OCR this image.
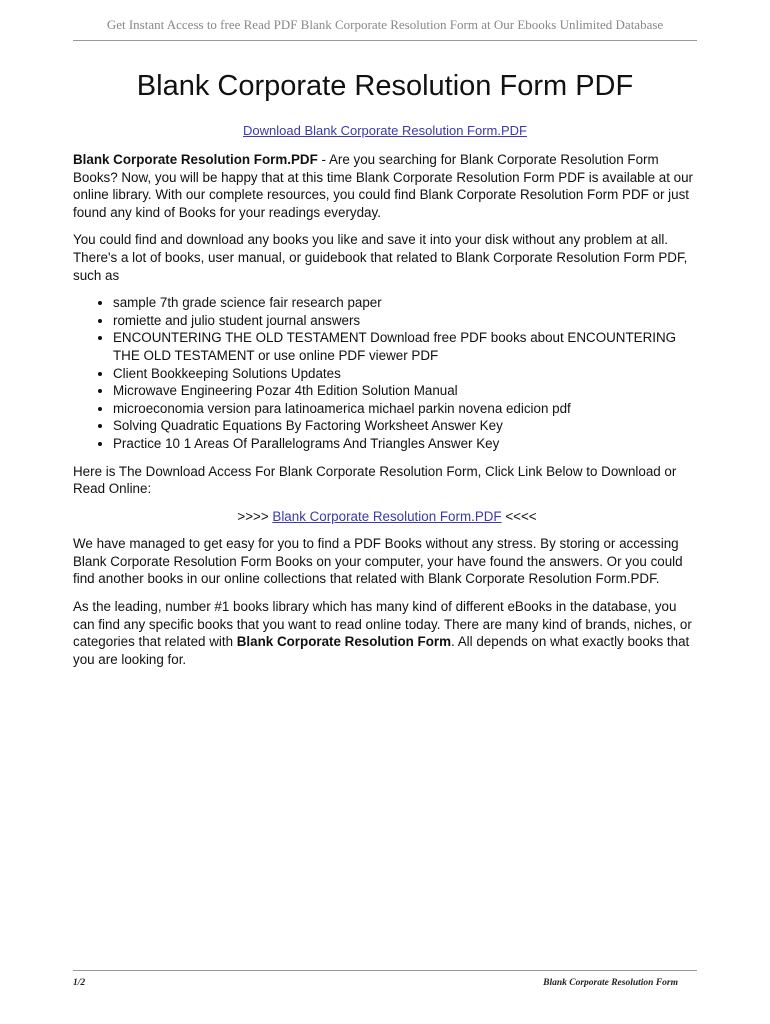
Get Instant Access to free Read PDF Blank Corporate Resolution Form at Our Ebooks Unlimited Database
Blank Corporate Resolution Form PDF
Download Blank Corporate Resolution Form.PDF

Blank Corporate Resolution Form.PDF - Are you searching for Blank Corporate Resolution Form Books? Now, you will be happy that at this time Blank Corporate Resolution Form PDF is available at our online library. With our complete resources, you could find Blank Corporate Resolution Form PDF or just found any kind of Books for your readings everyday.

You could find and download any books you like and save it into your disk without any problem at all. There's a lot of books, user manual, or guidebook that related to Blank Corporate Resolution Form PDF, such as

• sample 7th grade science fair research paper
• romiette and julio student journal answers
• ENCOUNTERING THE OLD TESTAMENT Download free PDF books about ENCOUNTERING THE OLD TESTAMENT or use online PDF viewer PDF
• Client Bookkeeping Solutions Updates
• Microwave Engineering Pozar 4th Edition Solution Manual
• microeconomia version para latinoamerica michael parkin novena edicion pdf
• Solving Quadratic Equations By Factoring Worksheet Answer Key
• Practice 10 1 Areas Of Parallelograms And Triangles Answer Key

Here is The Download Access For Blank Corporate Resolution Form, Click Link Below to Download or Read Online:

>>>> Blank Corporate Resolution Form.PDF <<<<

We have managed to get easy for you to find a PDF Books without any stress. By storing or accessing Blank Corporate Resolution Form Books on your computer, your have found the answers. Or you could find another books in our online collections that related with Blank Corporate Resolution Form.PDF.

As the leading, number #1 books library which has many kind of different eBooks in the database, you can find any specific books that you want to read online today. There are many kind of brands, niches, or categories that related with Blank Corporate Resolution Form. All depends on what exactly books that you are looking for.

1/2	Blank Corporate Resolution Form
